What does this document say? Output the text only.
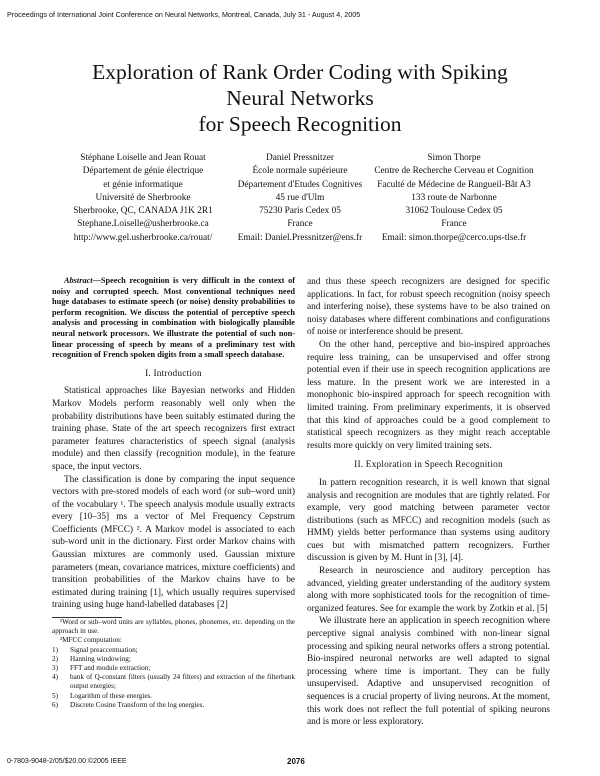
Proceedings of International Joint Conference on Neural Networks, Montreal, Canada, July 31 - August 4, 2005
Exploration of Rank Order Coding with Spiking
Neural Networks
for Speech Recognition
Stéphane Loiselle and Jean Rouat
Département de génie électrique
et génie informatique
Université de Sherbrooke
Sherbrooke, QC, CANADA J1K 2R1
Stephane.Loiselle@usherbrooke.ca
http://www.gel.usherbrooke.ca/rouat/
Daniel Pressnitzer
École normale supérieure
Département d'Etudes Cognitives
45 rue d'Ulm
75230 Paris Cedex 05
France
Email: Daniel.Pressnitzer@ens.fr
Simon Thorpe
Centre de Recherche Cerveau et Cognition
Faculté de Médecine de Rangueil-Bât A3
133 route de Narbonne
31062 Toulouse Cedex 05
France
Email: simon.thorpe@cerco.ups-tlse.fr

Abstract—Speech recognition is very difficult in the context of noisy and corrupted speech. Most conventional techniques need huge databases to estimate speech (or noise) density probabilities to perform recognition. We discuss the potential of perceptive speech analysis and processing in combination with biologically plausible neural network processors. We illustrate the potential of such non-linear processing of speech by means of a preliminary test with recognition of French spoken digits from a small speech database.

I. Introduction

Statistical approaches like Bayesian networks and Hidden Markov Models perform reasonably well only when the probability distributions have been suitably estimated during the training phase. State of the art speech recognizers first extract parameter features characteristics of speech signal (analysis module) and then classify (recognition module), in the feature space, the input vectors.

The classification is done by comparing the input sequence vectors with pre-stored models of each word (or sub–word unit) of the vocabulary ¹. The speech analysis module usually extracts every [10–35] ms a vector of Mel Frequency Cepstrum Coefficients (MFCC) ². A Markov model is associated to each sub-word unit in the dictionary. First order Markov chains with Gaussian mixtures are commonly used. Gaussian mixture parameters (mean, covariance matrices, mixture coefficients) and transition probabilities of the Markov chains have to be estimated during training [1], which usually requires supervised training using huge hand-labelled databases [2]

¹Word or sub–word units are syllables, phones, phonemes, etc. depending on the approach in use.
²MFCC computation:
1)	Signal preaccentuation;
2)	Hanning windowing;
3)	FFT and module extraction;
4)	bank of Q-constant filters (usually 24 filters) and extraction of the filterbank output energies;
5)	Logarithm of these energies.
6)	Discrete Cosine Transform of the log energies.

and thus these speech recognizers are designed for specific applications. In fact, for robust speech recognition (noisy speech and interfering noise), these systems have to be also trained on noisy databases where different combinations and configurations of noise or interference should be present.

On the other hand, perceptive and bio-inspired approaches require less training, can be unsupervised and offer strong potential even if their use in speech recognition applications are less mature. In the present work we are interested in a monophonic bio-inspired approach for speech recognition with limited training. From preliminary experiments, it is observed that this kind of approaches could be a good complement to statistical speech recognizers as they might reach acceptable results more quickly on very limited training sets.

II. Exploration in Speech Recognition

In pattern recognition research, it is well known that signal analysis and recognition are modules that are tightly related. For example, very good matching between parameter vector distributions (such as MFCC) and recognition models (such as HMM) yields better performance than systems using auditory cues but with mismatched pattern recognizers. Further discussion is given by M. Hunt in [3], [4].

Research in neuroscience and auditory perception has advanced, yielding greater understanding of the auditory system along with more sophisticated tools for the recognition of time-organized features. See for example the work by Zotkin et al. [5]

We illustrate here an application in speech recognition where perceptive signal analysis combined with non-linear signal processing and spiking neural networks offers a strong potential. Bio-inspired neuronal networks are well adapted to signal processing where time is important. They can be fully unsupervised. Adaptive and unsupervised recognition of sequences is a crucial property of living neurons. At the moment, this work does not reflect the full potential of spiking neurons and is more or less exploratory.

0-7803-9048-2/05/$20.00 ©2005 IEEE	2076
